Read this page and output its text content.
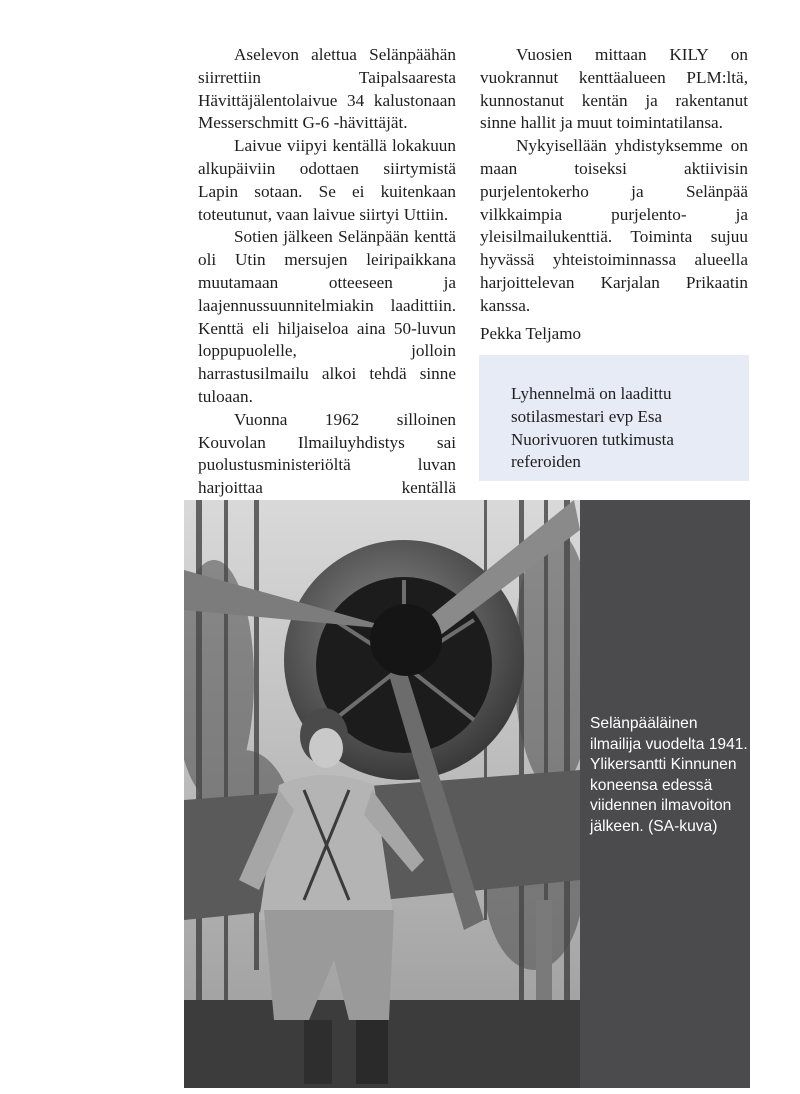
Aselevon alettua Selänpäähän siirrettiin Taipalsaaresta Hävittäjälentolaivue 34 kalustonaan Messerschmitt G-6 -hävittäjät.

Laivue viipyi kentällä lokakuun alkupäiviin odottaen siirtymistä Lapin sotaan. Se ei kuitenkaan toteutunut, vaan laivue siirtyi Uttiin.

Sotien jälkeen Selänpään kenttä oli Utin mersujen leiripaikkana muutamaan otteeseen ja laajennussuunnitelmiakin laadittiin. Kenttä eli hiljaiseloa aina 50-luvun loppupuolelle, jolloin harrastusilmailu alkoi tehdä sinne tuloaan.

Vuonna 1962 silloinen Kouvolan Ilmailuyhdistys sai puolustusministeriöltä luvan harjoittaa kentällä

Vuosien mittaan KILY on vuokrannut kenttäalueen PLM:ltä, kunnostanut kentän ja rakentanut sinne hallit ja muut toimintatilansa.

Nykyisellään yhdistyksemme on maan toiseksi aktiivisin purjelentokerho ja Selänpää vilkkaimpia purjelento- ja yleisilmailukenttiä. Toiminta sujuu hyvässä yhteistoiminnassa alueella harjoittelevan Karjalan Prikaatin kanssa.

Pekka Teljamo
Lyhennelmä on laadittu sotilasmestari evp Esa Nuorivuoren tutkimusta referoiden
Selänpääläinen ilmailija vuodelta 1941. Ylikersantti Kinnunen koneensa edessä viidennen ilmavoiton jälkeen. (SA-kuva)
